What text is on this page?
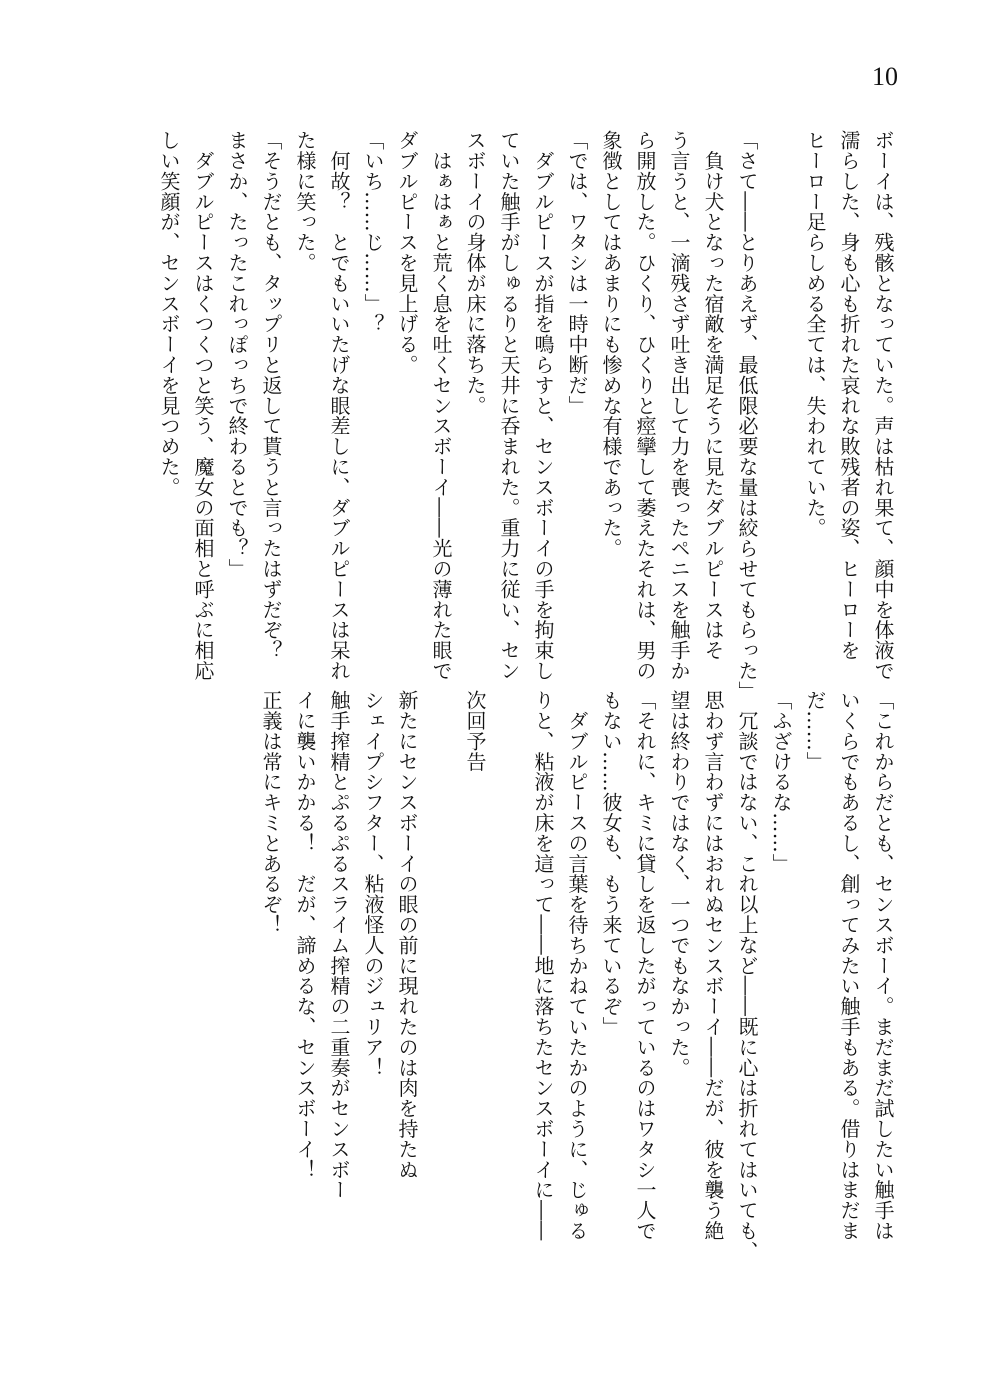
10
ボーイは、残骸となっていた。声は枯れ果て、顔中を体液で
濡らした、身も心も折れた哀れな敗残者の姿、ヒーローを
ヒーロー足らしめる全ては、失われていた。
「さて――とりあえず、最低限必要な量は絞らせてもらった」
　負け犬となった宿敵を満足そうに見たダブルピースはそ
う言うと、一滴残さず吐き出して力を喪ったペニスを触手か
ら開放した。ひくり、ひくりと痙攣して萎えたそれは、男の
象徴としてはあまりにも惨めな有様であった。
「では、ワタシは一時中断だ」
　ダブルピースが指を鳴らすと、センスボーイの手を拘束し
ていた触手がしゅるりと天井に呑まれた。重力に従い、セン
スボーイの身体が床に落ちた。
　はぁはぁと荒く息を吐くセンスボーイ――光の薄れた眼で
ダブルピースを見上げる。
「いち……じ……」？
　何故？　とでもいいたげな眼差しに、ダブルピースは呆れ
た様に笑った。
「そうだとも、タップリと返して貰うと言ったはずだぞ？
まさか、たったこれっぽっちで終わるとでも？」
　ダブルピースはくつくつと笑う、魔女の面相と呼ぶに相応
しい笑顔が、センスボーイを見つめた。
「これからだとも、センスボーイ。まだまだ試したい触手は
いくらでもあるし、創ってみたい触手もある。借りはまだま
だ……」
「ふざけるな……」
　冗談ではない、これ以上など――既に心は折れてはいても、
思わず言わずにはおれぬセンスボーイ――だが、彼を襲う絶
望は終わりではなく、一つでもなかった。
「それに、キミに貸しを返したがっているのはワタシ一人で
もない……彼女も、もう来ているぞ」
　ダブルピースの言葉を待ちかねていたかのように、じゅる
りと、粘液が床を這って――地に落ちたセンスボーイに――
次回予告
新たにセンスボーイの眼の前に現れたのは肉を持たぬ
シェイプシフター、粘液怪人のジュリア！
触手搾精とぷるぷるスライム搾精の二重奏がセンスボー
イに襲いかかる！　だが、諦めるな、センスボーイ！
正義は常にキミとあるぞ！
